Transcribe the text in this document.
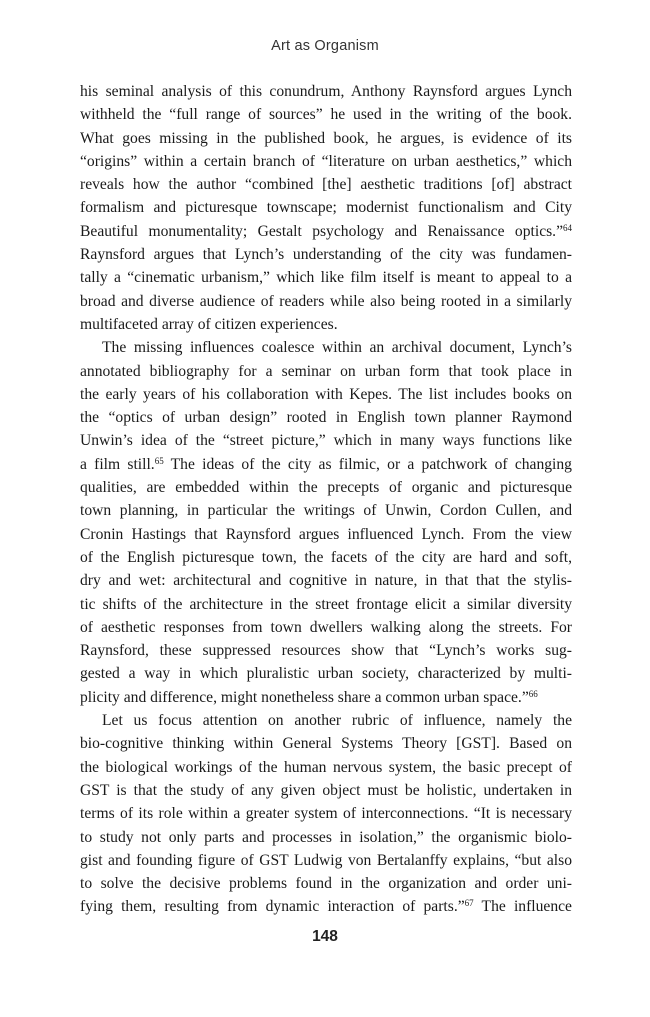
Art as Organism
his seminal analysis of this conundrum, Anthony Raynsford argues Lynch
withheld the “full range of sources” he used in the writing of the book.
What goes missing in the published book, he argues, is evidence of its
“origins” within a certain branch of “literature on urban aesthetics,” which
reveals how the author “combined [the] aesthetic traditions [of] abstract
formalism and picturesque townscape; modernist functionalism and City
Beautiful monumentality; Gestalt psychology and Renaissance optics.”$^{64}$
Raynsford argues that Lynch’s understanding of the city was fundamen-
tally a “cinematic urbanism,” which like film itself is meant to appeal to a
broad and diverse audience of readers while also being rooted in a similarly
multifaceted array of citizen experiences.
The missing influences coalesce within an archival document, Lynch’s
annotated bibliography for a seminar on urban form that took place in
the early years of his collaboration with Kepes. The list includes books on
the “optics of urban design” rooted in English town planner Raymond
Unwin’s idea of the “street picture,” which in many ways functions like
a film still.$^{65}$ The ideas of the city as filmic, or a patchwork of changing
qualities, are embedded within the precepts of organic and picturesque
town planning, in particular the writings of Unwin, Cordon Cullen, and
Cronin Hastings that Raynsford argues influenced Lynch. From the view
of the English picturesque town, the facets of the city are hard and soft,
dry and wet: architectural and cognitive in nature, in that that the stylis-
tic shifts of the architecture in the street frontage elicit a similar diversity
of aesthetic responses from town dwellers walking along the streets. For
Raynsford, these suppressed resources show that “Lynch’s works sug-
gested a way in which pluralistic urban society, characterized by multi-
plicity and difference, might nonetheless share a common urban space.”$^{66}$
Let us focus attention on another rubric of influence, namely the
bio-cognitive thinking within General Systems Theory [GST]. Based on
the biological workings of the human nervous system, the basic precept of
GST is that the study of any given object must be holistic, undertaken in
terms of its role within a greater system of interconnections. “It is necessary
to study not only parts and processes in isolation,” the organismic biolo-
gist and founding figure of GST Ludwig von Bertalanffy explains, “but also
to solve the decisive problems found in the organization and order uni-
fying them, resulting from dynamic interaction of parts.”$^{67}$ The influence
148
